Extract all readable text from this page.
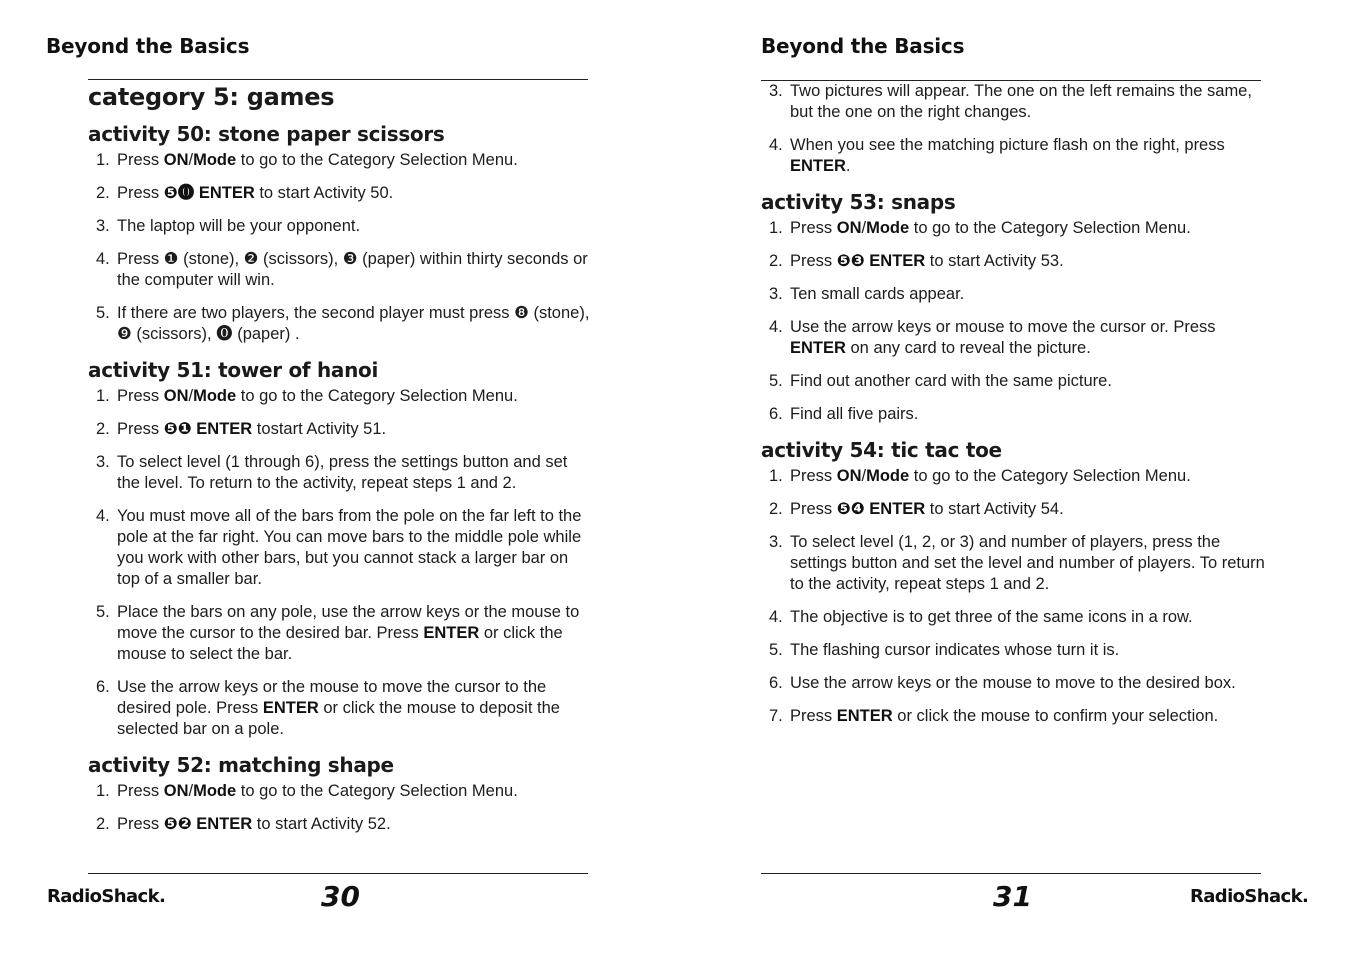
Beyond the Basics
category 5: games
activity 50: stone paper scissors
1. Press ON/Mode to go to the Category Selection Menu.
2. Press ❺⓿ ENTER to start Activity 50.
3. The laptop will be your opponent.
4. Press ❶ (stone), ❷ (scissors), ❸ (paper) within thirty seconds or the computer will win.
5. If there are two players, the second player must press ❽ (stone), ❾ (scissors), ⓿ (paper) .
activity 51: tower of hanoi
1. Press ON/Mode to go to the Category Selection Menu.
2. Press ❺❶ ENTER tostart Activity 51.
3. To select level (1 through 6), press the settings button and set the level. To return to the activity, repeat steps 1 and 2.
4. You must move all of the bars from the pole on the far left to the pole at the far right. You can move bars to the middle pole while you work with other bars, but you cannot stack a larger bar on top of a smaller bar.
5. Place the bars on any pole, use the arrow keys or the mouse to move the cursor to the desired bar. Press ENTER or click the mouse to select the bar.
6. Use the arrow keys or the mouse to move the cursor to the desired pole. Press ENTER or click the mouse to deposit the selected bar on a pole.
activity 52: matching shape
1. Press ON/Mode to go to the Category Selection Menu.
2. Press ❺❷ ENTER to start Activity 52.
RadioShack.	30
Beyond the Basics
3. Two pictures will appear. The one on the left remains the same, but the one on the right changes.
4. When you see the matching picture flash on the right, press ENTER.
activity 53: snaps
1. Press ON/Mode to go to the Category Selection Menu.
2. Press ❺❸ ENTER to start Activity 53.
3. Ten small cards appear.
4. Use the arrow keys or mouse to move the cursor or. Press ENTER on any card to reveal the picture.
5. Find out another card with the same picture.
6. Find all five pairs.
activity 54: tic tac toe
1. Press ON/Mode to go to the Category Selection Menu.
2. Press ❺❹ ENTER to start Activity 54.
3. To select level (1, 2, or 3) and number of players, press the settings button and set the level and number of players. To return to the activity, repeat steps 1 and 2.
4. The objective is to get three of the same icons in a row.
5. The flashing cursor indicates whose turn it is.
6. Use the arrow keys or the mouse to move to the desired box.
7. Press ENTER or click the mouse to confirm your selection.
RadioShack.
31
